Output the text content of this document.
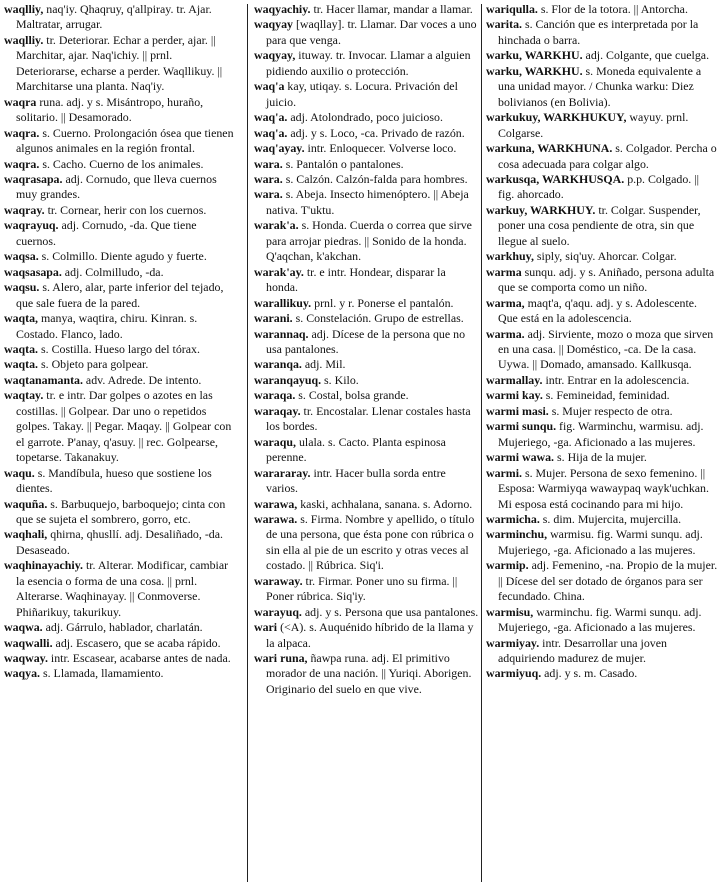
waqlliy, naq'iy. Qhaqruy, q'allpiray. tr. Ajar. Maltratar, arrugar.

waqlliy. tr. Deteriorar. Echar a perder, ajar. || Marchitar, ajar. Naq'ichiy. || prnl. Deteriorarse, echarse a perder. Waqllikuy. || Marchitarse una planta. Naq'iy.

waqra runa. adj. y s. Misántropo, huraño, solitario. || Desamorado.

waqra. s. Cuerno. Prolongación ósea que tienen algunos animales en la región frontal.

waqra. s. Cacho. Cuerno de los animales.

waqrasapa. adj. Cornudo, que lleva cuernos muy grandes.

waqray. tr. Cornear, herir con los cuernos.

waqrayuq. adj. Cornudo, -da. Que tiene cuernos.

waqsa. s. Colmillo. Diente agudo y fuerte.

waqsasapa. adj. Colmilludo, -da.

waqsu. s. Alero, alar, parte inferior del tejado, que sale fuera de la pared.

waqta, manya, waqtira, chiru. Kinran. s. Costado. Flanco, lado.

waqta. s. Costilla. Hueso largo del tórax.

waqta. s. Objeto para golpear.

waqtanamanta. adv. Adrede. De intento.

waqtay. tr. e intr. Dar golpes o azotes en las costillas. || Golpear. Dar uno o repetidos golpes. Takay. || Pegar. Maqay. || Golpear con el garrote. P'anay, q'asuy. || rec. Golpearse, topetarse. Takanakuy.

waqu. s. Mandíbula, hueso que sostiene los dientes.

waquña. s. Barbuquejo, barboquejo; cinta con que se sujeta el sombrero, gorro, etc.

waqhali, qhirna, qhusllí. adj. Desaliñado, -da. Desaseado.

waqhinayachiy. tr. Alterar. Modificar, cambiar la esencia o forma de una cosa. || prnl. Alterarse. Waqhinayay. || Conmoverse. Phiñarikuy, takurikuy.

waqwa. adj. Gárrulo, hablador, charlatán.

waqwalli. adj. Escasero, que se acaba rápido.

waqway. intr. Escasear, acabarse antes de nada.

waqya. s. Llamada, llamamiento.

waqyachiy. tr. Hacer llamar, mandar a llamar.

waqyay [waqllay]. tr. Llamar. Dar voces a uno para que venga.

waqyay, ituway. tr. Invocar. Llamar a alguien pidiendo auxilio o protección.

waq'a kay, utiqay. s. Locura. Privación del juicio.

waq'a. adj. Atolondrado, poco juicioso.

waq'a. adj. y s. Loco, -ca. Privado de razón.

waq'ayay. intr. Enloquecer. Volverse loco.

wara. s. Pantalón o pantalones.

wara. s. Calzón. Calzón-falda para hombres.

wara. s. Abeja. Insecto himenóptero. || Abeja nativa. T'uktu.

warak'a. s. Honda. Cuerda o correa que sirve para arrojar piedras. || Sonido de la honda. Q'aqchan, k'akchan.

warak'ay. tr. e intr. Hondear, disparar la honda.

warallikuy. prnl. y r. Ponerse el pantalón.

warani. s. Constelación. Grupo de estrellas.

warannaq. adj. Dícese de la persona que no usa pantalones.

waranqa. adj. Mil.

waranqayuq. s. Kilo.

waraqa. s. Costal, bolsa grande.

waraqay. tr. Encostalar. Llenar costales hasta los bordes.

waraqu, ulala. s. Cacto. Planta espinosa perenne.

warararay. intr. Hacer bulla sorda entre varios.

warawa, kaski, achhalana, sanana. s. Adorno.

warawa. s. Firma. Nombre y apellido, o título de una persona, que ésta pone con rúbrica o sin ella al pie de un escrito y otras veces al costado. || Rúbrica. Siq'i.

waraway. tr. Firmar. Poner uno su firma. || Poner rúbrica. Siq'iy.

warayuq. adj. y s. Persona que usa pantalones.

wari (<A). s. Auquénido híbrido de la llama y la alpaca.

wari runa, ñawpa runa. adj. El primitivo morador de una nación. || Yuriqi. Aborigen. Originario del suelo en que vive.

wariqulla. s. Flor de la totora. || Antorcha.

warita. s. Canción que es interpretada por la hinchada o barra.

warku, WARKHU. adj. Colgante, que cuelga.

warku, WARKHU. s. Moneda equivalente a una unidad mayor. / Chunka warku: Diez bolivianos (en Bolivia).

warkukuy, WARKHUKUY, wayuy. prnl. Colgarse.

warkuna, WARKHUNA. s. Colgador. Percha o cosa adecuada para colgar algo.

warkusqa, WARKHUSQA. p.p. Colgado. || fig. ahorcado.

warkuy, WARKHUY. tr. Colgar. Suspender, poner una cosa pendiente de otra, sin que llegue al suelo.

warkhuy, siply, siq'uy. Ahorcar. Colgar.

warma sunqu. adj. y s. Aniñado, persona adulta que se comporta como un niño.

warma, maqt'a, q'aqu. adj. y s. Adolescente. Que está en la adolescencia.

warma. adj. Sirviente, mozo o moza que sirven en una casa. || Doméstico, -ca. De la casa. Uywa. || Domado, amansado. Kallkusqa.

warmallay. intr. Entrar en la adolescencia.

warmi kay. s. Femineidad, feminidad.

warmi masi. s. Mujer respecto de otra.

warmi sunqu. fig. Warminchu, warmisu. adj. Mujeriego, -ga. Aficionado a las mujeres.

warmi wawa. s. Hija de la mujer.

warmi. s. Mujer. Persona de sexo femenino. || Esposa: Warmiyqa wawaypaq wayk'uchkan. Mi esposa está cocinando para mi hijo.

warmicha. s. dim. Mujercita, mujercilla.

warminchu, warmisu. fig. Warmi sunqu. adj. Mujeriego, -ga. Aficionado a las mujeres.

warmip. adj. Femenino, -na. Propio de la mujer. || Dícese del ser dotado de órganos para ser fecundado. China.

warmisu, warminchu. fig. Warmi sunqu. adj. Mujeriego, -ga. Aficionado a las mujeres.

warmiyay. intr. Desarrollar una joven adquiriendo madurez de mujer.

warmiyuq. adj. y s. m. Casado.
